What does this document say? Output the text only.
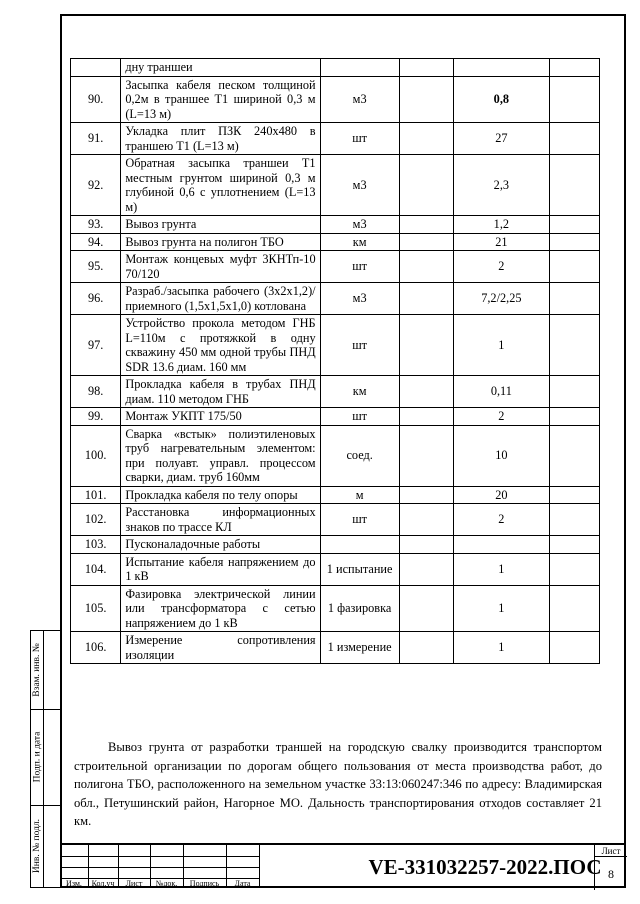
Взам. инв. №
Подп. и дата
Инв. № подл.
	дну траншеи				
90.	Засыпка кабеля песком толщиной 0,2м в траншее Т1 шириной 0,3 м (L=13 м)	м3		0,8	
91.	Укладка плит ПЗК 240х480 в траншею Т1 (L=13 м)	шт		27	
92.	Обратная засыпка траншеи Т1 местным грунтом шириной 0,3 м глубиной 0,6 с уплотнением (L=13 м)	м3		2,3	
93.	Вывоз грунта	м3		1,2	
94.	Вывоз грунта на полигон ТБО	км		21	
95.	Монтаж концевых муфт 3КНТп-10 70/120	шт		2	
96.	Разраб./засыпка рабочего (3х2х1,2)/приемного (1,5х1,5х1,0) котлована	м3		7,2/2,25	
97.	Устройство прокола методом ГНБ L=110м с протяжкой в одну скважину 450 мм одной трубы ПНД SDR 13.6 диам. 160 мм	шт		1	
98.	Прокладка кабеля в трубах ПНД диам. 110 методом ГНБ	км		0,11	
99.	Монтаж УКПТ 175/50	шт		2	
100.	Сварка «встык» полиэтиленовых труб нагревательным элементом: при полуавт. управл. процессом сварки, диам. труб 160мм	соед.		10	
101.	Прокладка кабеля по телу опоры	м		20	
102.	Расстановка информационных знаков по трассе КЛ	шт		2	
103.	Пусконаладочные работы				
104.	Испытание кабеля напряжением до 1 кВ	1 испытание		1	
105.	Фазировка электрической линии или трансформатора с сетью напряжением до 1 кВ	1 фазировка		1	
106.	Измерение сопротивления изоляции	1 измерение		1	
Вывоз грунта от разработки траншей на городскую свалку производится транспортом строительной организации по дорогам общего пользования от места производства работ, до полигона ТБО, расположенного на земельном участке 33:13:060247:346 по адресу: Владимирская обл., Петушинский район, Нагорное МО. Дальность транспортирования отходов составляет 21 км.
Изм.	Кол.уч	Лист	№док.	Подпись	Дата
VE-331032257-2022.ПОС
Лист
8
